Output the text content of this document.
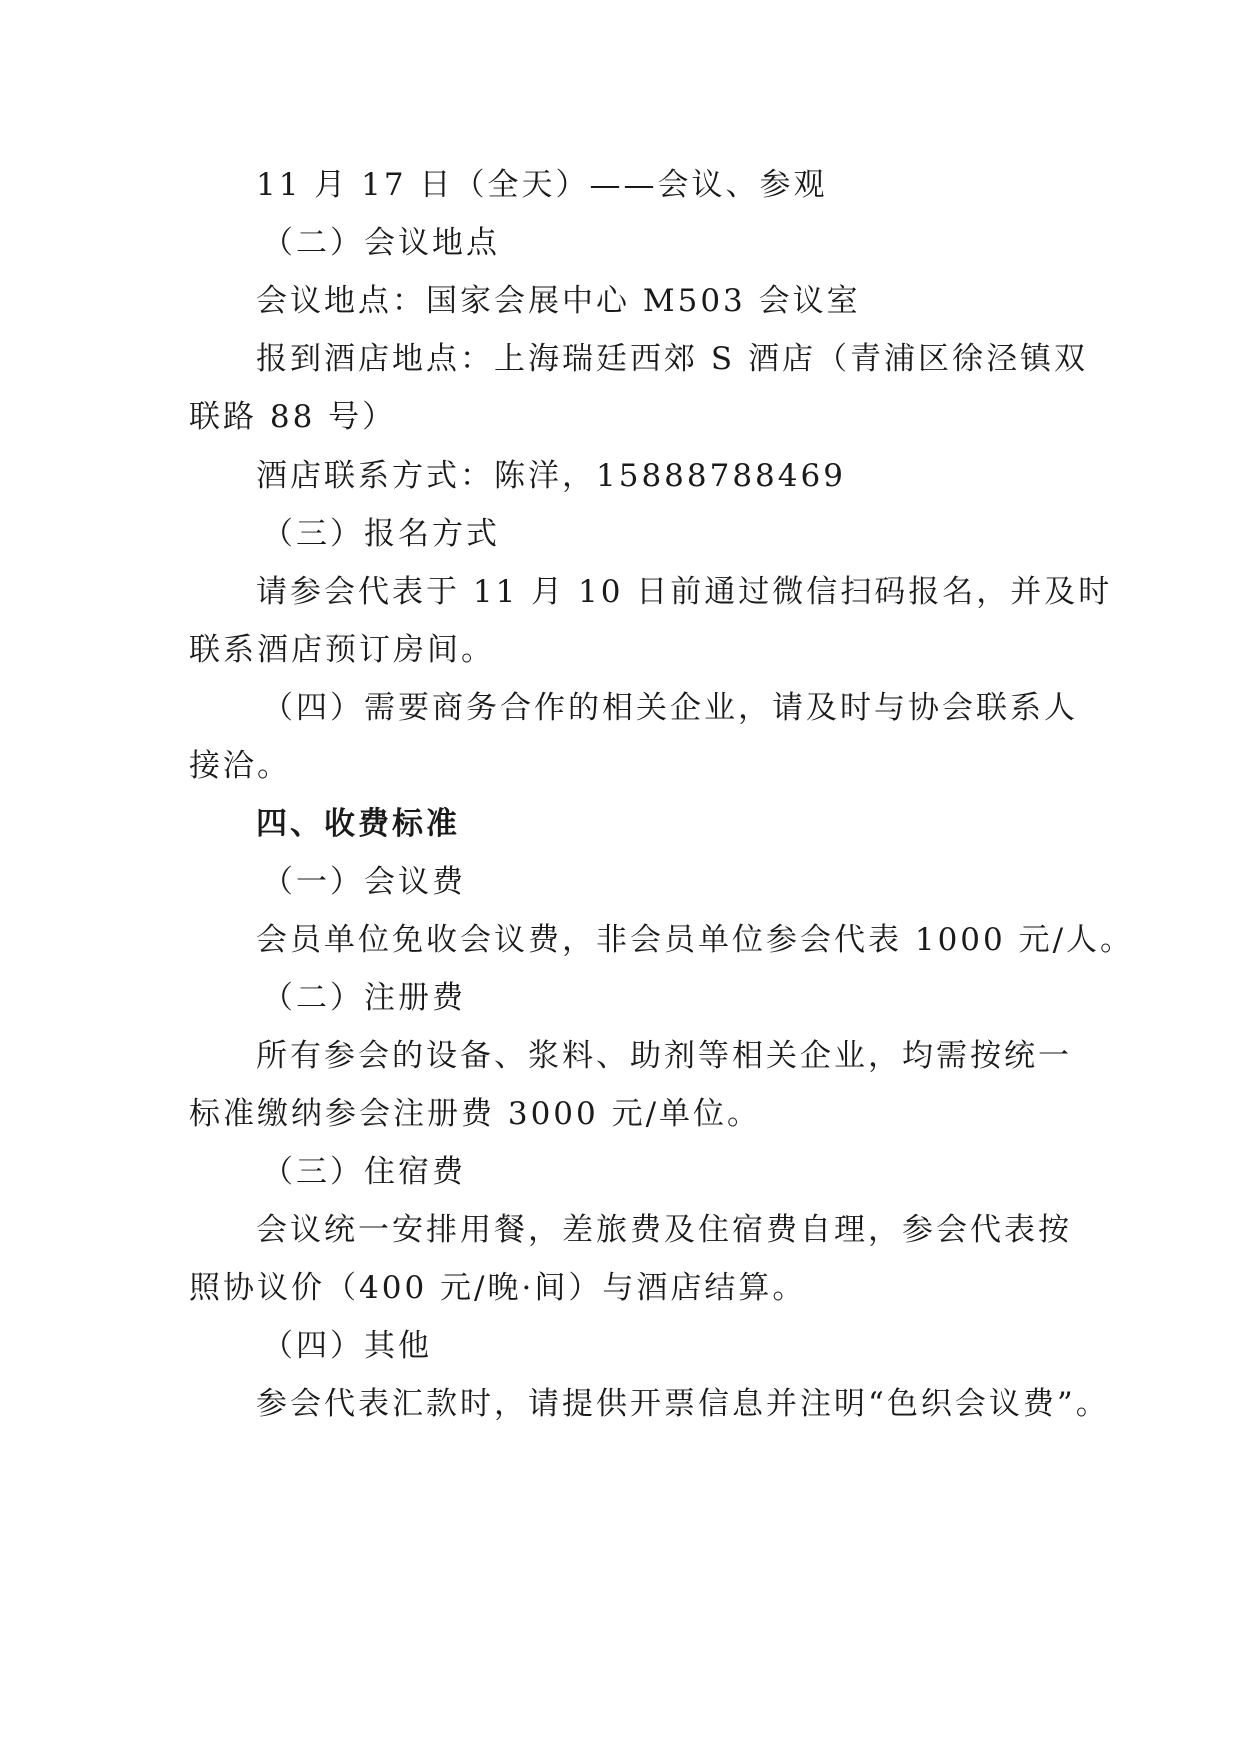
11 月 17 日（全天）——会议、参观
（二）会议地点
会议地点：国家会展中心 M503 会议室
报到酒店地点：上海瑞廷西郊 S 酒店（青浦区徐泾镇双
联路 88 号）
酒店联系方式：陈洋，15888788469
（三）报名方式
请参会代表于 11 月 10 日前通过微信扫码报名，并及时
联系酒店预订房间。
（四）需要商务合作的相关企业，请及时与协会联系人
接洽。
四、收费标准
（一）会议费
会员单位免收会议费，非会员单位参会代表 1000 元/人。
（二）注册费
所有参会的设备、浆料、助剂等相关企业，均需按统一
标准缴纳参会注册费 3000 元/单位。
（三）住宿费
会议统一安排用餐，差旅费及住宿费自理，参会代表按
照协议价（400 元/晚·间）与酒店结算。
（四）其他
参会代表汇款时，请提供开票信息并注明“色织会议费”。
